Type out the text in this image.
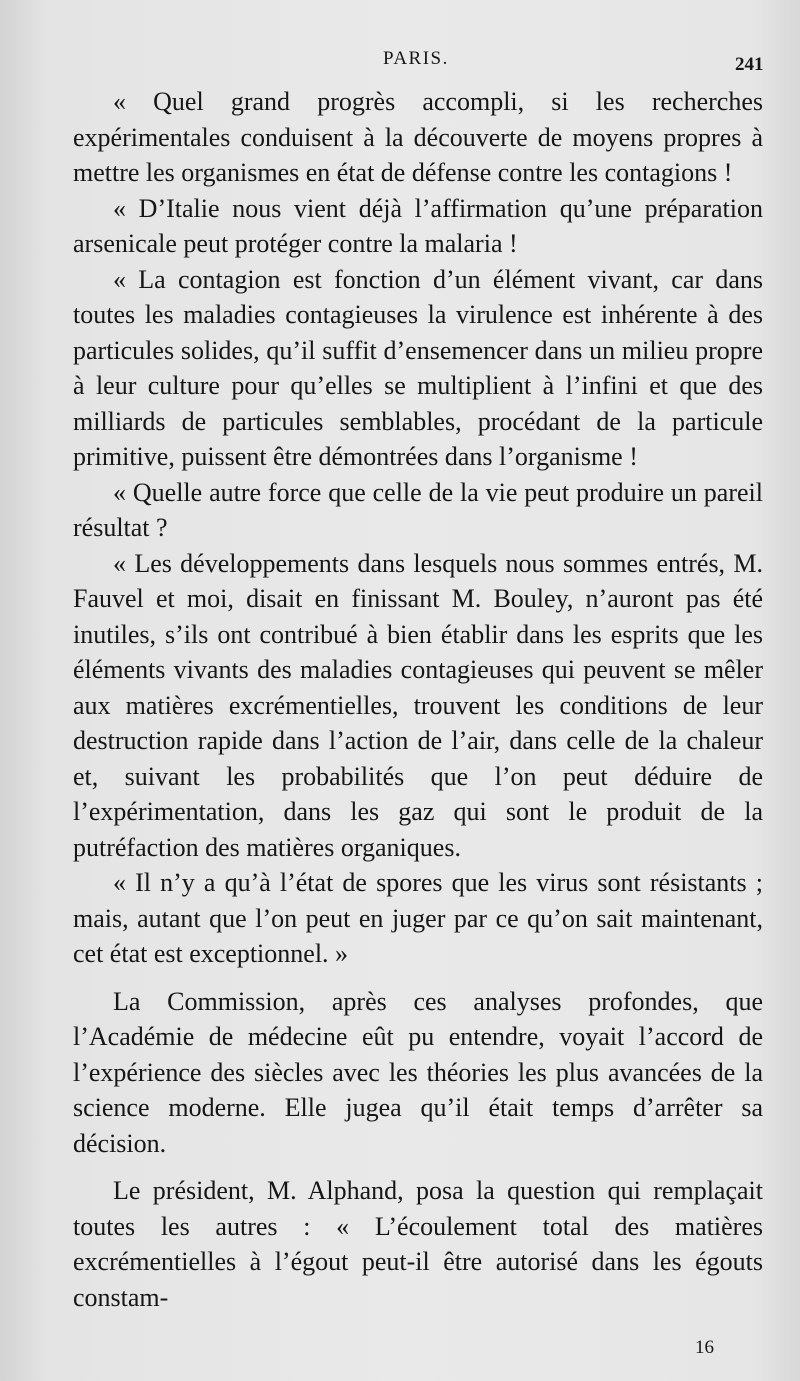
PARIS.	241

« Quel grand progrès accompli, si les recherches expérimentales conduisent à la découverte de moyens propres à mettre les organismes en état de défense contre les contagions !

« D’Italie nous vient déjà l’affirmation qu’une préparation arsenicale peut protéger contre la malaria !

« La contagion est fonction d’un élément vivant, car dans toutes les maladies contagieuses la virulence est inhérente à des particules solides, qu’il suffit d’ensemencer dans un milieu propre à leur culture pour qu’elles se multiplient à l’infini et que des milliards de particules semblables, procédant de la particule primitive, puissent être démontrées dans l’organisme !

« Quelle autre force que celle de la vie peut produire un pareil résultat ?

« Les développements dans lesquels nous sommes entrés, M. Fauvel et moi, disait en finissant M. Bouley, n’auront pas été inutiles, s’ils ont contribué à bien établir dans les esprits que les éléments vivants des maladies contagieuses qui peuvent se mêler aux matières excrémentielles, trouvent les conditions de leur destruction rapide dans l’action de l’air, dans celle de la chaleur et, suivant les probabilités que l’on peut déduire de l’expérimentation, dans les gaz qui sont le produit de la putréfaction des matières organiques.

« Il n’y a qu’à l’état de spores que les virus sont résistants ; mais, autant que l’on peut en juger par ce qu’on sait maintenant, cet état est exceptionnel. »

La Commission, après ces analyses profondes, que l’Académie de médecine eût pu entendre, voyait l’accord de l’expérience des siècles avec les théories les plus avancées de la science moderne. Elle jugea qu’il était temps d’arrêter sa décision.

Le président, M. Alphand, posa la question qui remplaçait toutes les autres : « L’écoulement total des matières excrémentielles à l’égout peut-il être autorisé dans les égouts constam-

16
